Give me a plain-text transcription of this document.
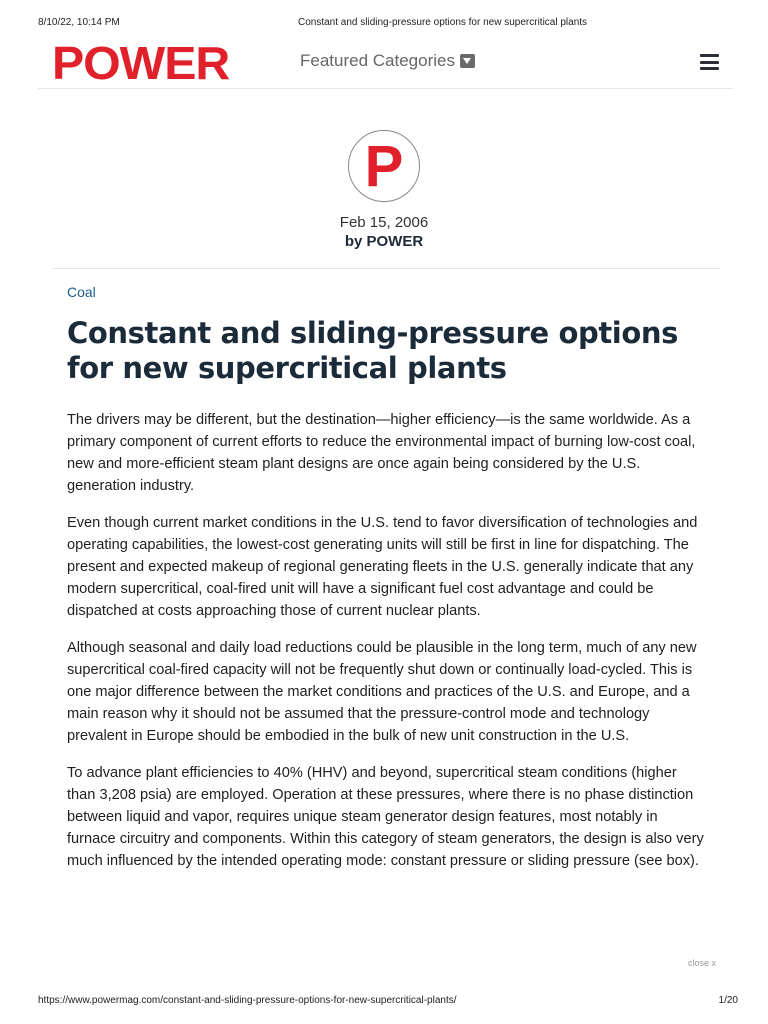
8/10/22, 10:14 PM	Constant and sliding-pressure options for new supercritical plants
POWER	Featured Categories
P
Feb 15, 2006
by POWER
Coal
Constant and sliding-pressure options for new supercritical plants

The drivers may be different, but the destination—higher efficiency—is the same worldwide. As a primary component of current efforts to reduce the environmental impact of burning low-cost coal, new and more-efficient steam plant designs are once again being considered by the U.S. generation industry.

Even though current market conditions in the U.S. tend to favor diversification of technologies and operating capabilities, the lowest-cost generating units will still be first in line for dispatching. The present and expected makeup of regional generating fleets in the U.S. generally indicate that any modern supercritical, coal-fired unit will have a significant fuel cost advantage and could be dispatched at costs approaching those of current nuclear plants.

Although seasonal and daily load reductions could be plausible in the long term, much of any new supercritical coal-fired capacity will not be frequently shut down or continually load-cycled. This is one major difference between the market conditions and practices of the U.S. and Europe, and a main reason why it should not be assumed that the pressure-control mode and technology prevalent in Europe should be embodied in the bulk of new unit construction in the U.S.

To advance plant efficiencies to 40% (HHV) and beyond, supercritical steam conditions (higher than 3,208 psia) are employed. Operation at these pressures, where there is no phase distinction between liquid and vapor, requires unique steam generator design features, most notably in furnace circuitry and components. Within this category of steam generators, the design is also very much influenced by the intended operating mode: constant pressure or sliding pressure (see box).

close x
https://www.powermag.com/constant-and-sliding-pressure-options-for-new-supercritical-plants/	1/20
